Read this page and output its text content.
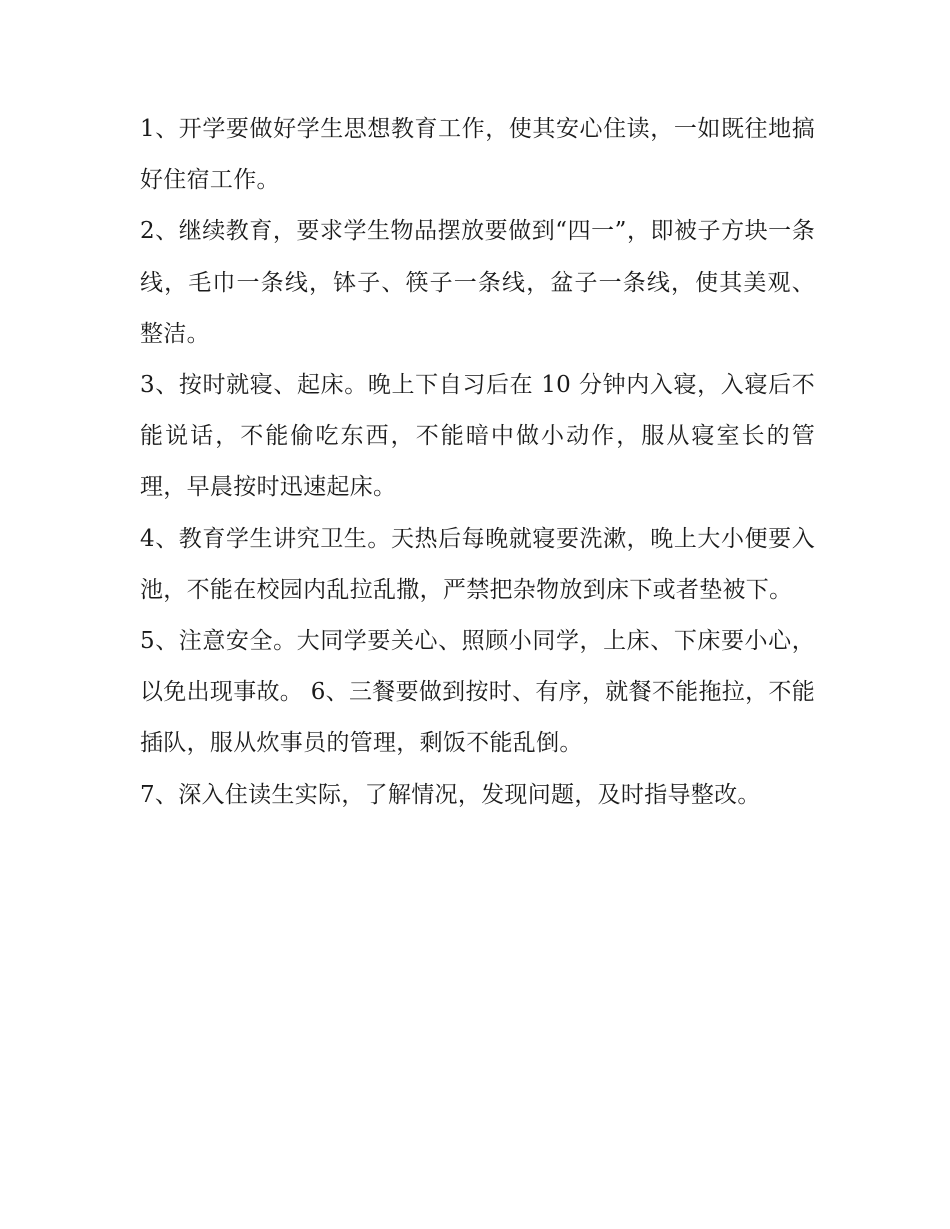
1、开学要做好学生思想教育工作，使其安心住读，一如既往地搞好住宿工作。

2、继续教育，要求学生物品摆放要做到“四一”，即被子方块一条线，毛巾一条线，钵子、筷子一条线，盆子一条线，使其美观、整洁。

3、按时就寝、起床。晚上下自习后在 10 分钟内入寝，入寝后不能说话，不能偷吃东西，不能暗中做小动作，服从寝室长的管理，早晨按时迅速起床。

4、教育学生讲究卫生。天热后每晚就寝要洗漱，晚上大小便要入池，不能在校园内乱拉乱撒，严禁把杂物放到床下或者垫被下。

5、注意安全。大同学要关心、照顾小同学，上床、下床要小心，以免出现事故。 6、三餐要做到按时、有序，就餐不能拖拉，不能插队，服从炊事员的管理，剩饭不能乱倒。

7、深入住读生实际，了解情况，发现问题，及时指导整改。
